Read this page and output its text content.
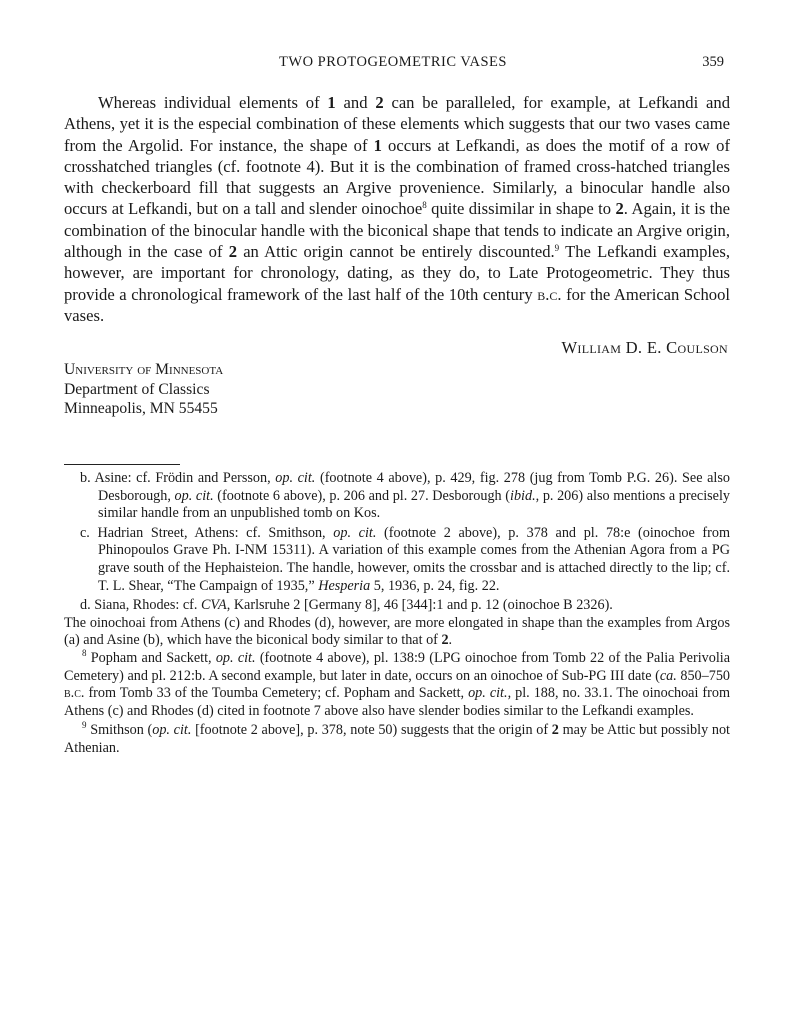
TWO PROTOGEOMETRIC VASES	359

Whereas individual elements of 1 and 2 can be paralleled, for example, at Lefkandi and Athens, yet it is the especial combination of these elements which suggests that our two vases came from the Argolid. For instance, the shape of 1 occurs at Lefkandi, as does the motif of a row of crosshatched triangles (cf. footnote 4). But it is the combination of framed cross-hatched triangles with checkerboard fill that suggests an Argive provenience. Similarly, a binocular handle also occurs at Lefkandi, but on a tall and slender oinochoe$^8$ quite dissimilar in shape to 2. Again, it is the combination of the binocular handle with the biconical shape that tends to indicate an Argive origin, although in the case of 2 an Attic origin cannot be entirely discounted.$^9$ The Lefkandi examples, however, are important for chronology, dating, as they do, to Late Protogeometric. They thus provide a chronological framework of the last half of the 10th century b.c. for the American School vases.

William D. E. Coulson
University of Minnesota
Department of Classics
Minneapolis, MN 55455

b. Asine: cf. Frödin and Persson, op. cit. (footnote 4 above), p. 429, fig. 278 (jug from Tomb P.G. 26). See also Desborough, op. cit. (footnote 6 above), p. 206 and pl. 27. Desborough (ibid., p. 206) also mentions a precisely similar handle from an unpublished tomb on Kos.

c. Hadrian Street, Athens: cf. Smithson, op. cit. (footnote 2 above), p. 378 and pl. 78:e (oinochoe from Phinopoulos Grave Ph. I-NM 15311). A variation of this example comes from the Athenian Agora from a PG grave south of the Hephaisteion. The handle, however, omits the crossbar and is attached directly to the lip; cf. T. L. Shear, “The Campaign of 1935,” Hesperia 5, 1936, p. 24, fig. 22.

d. Siana, Rhodes: cf. CVA, Karlsruhe 2 [Germany 8], 46 [344]:1 and p. 12 (oinochoe B 2326).

The oinochoai from Athens (c) and Rhodes (d), however, are more elongated in shape than the examples from Argos (a) and Asine (b), which have the biconical body similar to that of 2.

$^8$ Popham and Sackett, op. cit. (footnote 4 above), pl. 138:9 (LPG oinochoe from Tomb 22 of the Palia Perivolia Cemetery) and pl. 212:b. A second example, but later in date, occurs on an oinochoe of Sub-PG III date (ca. 850–750 b.c. from Tomb 33 of the Toumba Cemetery; cf. Popham and Sackett, op. cit., pl. 188, no. 33.1. The oinochoai from Athens (c) and Rhodes (d) cited in footnote 7 above also have slender bodies similar to the Lefkandi examples.

$^9$ Smithson (op. cit. [footnote 2 above], p. 378, note 50) suggests that the origin of 2 may be Attic but possibly not Athenian.
